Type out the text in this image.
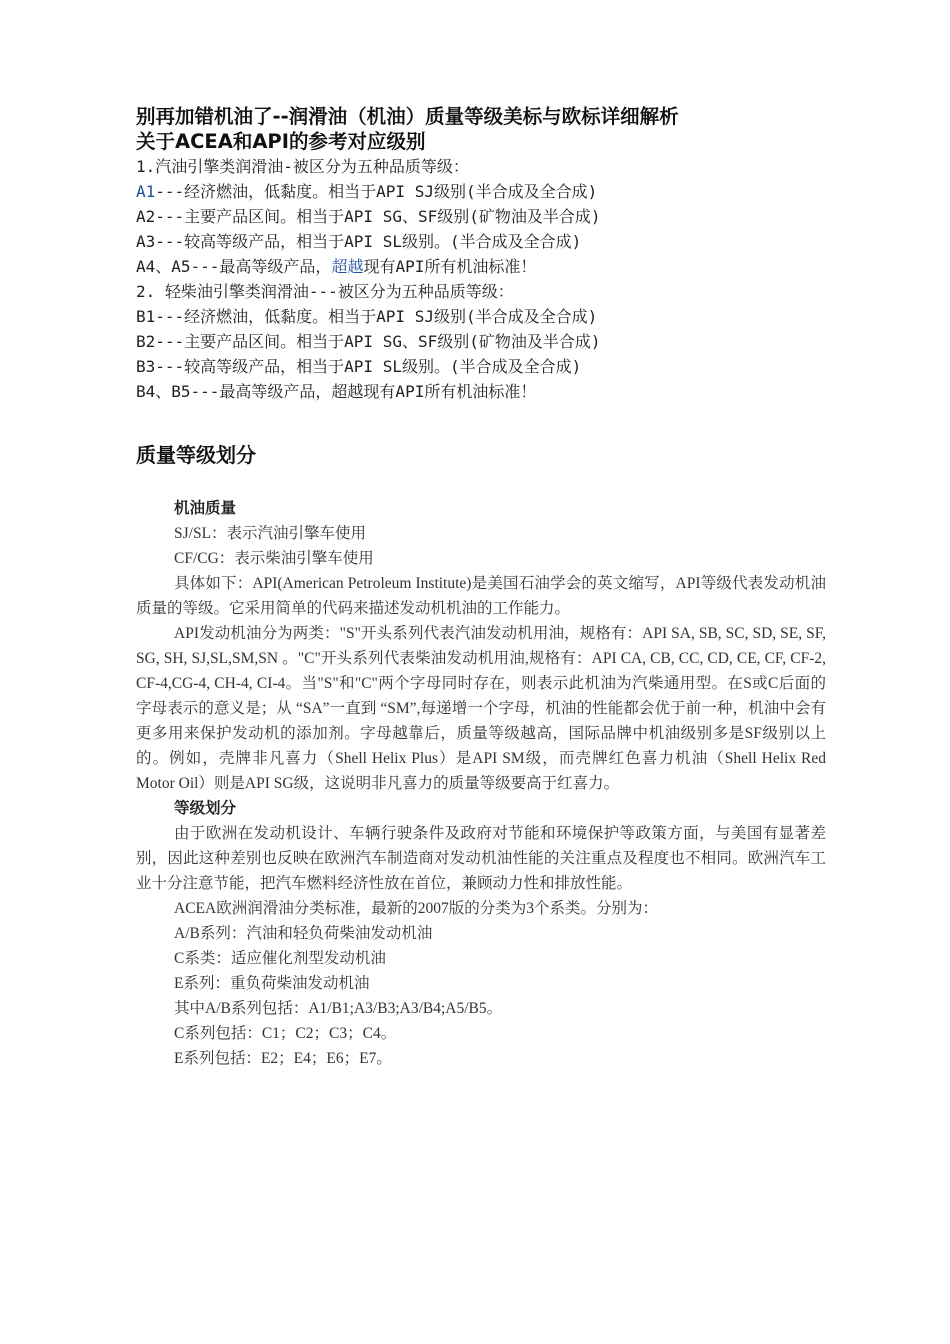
别再加错机油了--润滑油（机油）质量等级美标与欧标详细解析

关于ACEA和API的参考对应级别

1.汽油引擎类润滑油-被区分为五种品质等级：

A1---经济燃油，低黏度。相当于API SJ级别(半合成及全合成)

A2---主要产品区间。相当于API SG、SF级别(矿物油及半合成)

A3---较高等级产品，相当于API SL级别。(半合成及全合成)

A4、A5---最高等级产品，超越现有API所有机油标准！

2. 轻柴油引擎类润滑油---被区分为五种品质等级：

B1---经济燃油，低黏度。相当于API SJ级别(半合成及全合成)

B2---主要产品区间。相当于API SG、SF级别(矿物油及半合成)

B3---较高等级产品，相当于API SL级别。(半合成及全合成)

B4、B5---最高等级产品，超越现有API所有机油标准！

质量等级划分

机油质量

SJ/SL：表示汽油引擎车使用

CF/CG：表示柴油引擎车使用

具体如下：API(American Petroleum Institute)是美国石油学会的英文缩写，API等级代表发动机油质量的等级。它采用简单的代码来描述发动机机油的工作能力。

API发动机油分为两类："S"开头系列代表汽油发动机用油，规格有：API SA, SB, SC, SD, SE, SF, SG, SH, SJ,SL,SM,SN 。"C"开头系列代表柴油发动机用油,规格有：API CA, CB, CC, CD, CE, CF, CF-2, CF-4,CG-4, CH-4, CI-4。当"S"和"C"两个字母同时存在，则表示此机油为汽柴通用型。在S或C后面的字母表示的意义是；从 “SA”一直到 “SM”,每递增一个字母，机油的性能都会优于前一种，机油中会有更多用来保护发动机的添加剂。字母越靠后，质量等级越高，国际品牌中机油级别多是SF级别以上的。例如，壳牌非凡喜力（Shell Helix Plus）是API SM级，而壳牌红色喜力机油（Shell Helix Red Motor Oil）则是API SG级，这说明非凡喜力的质量等级要高于红喜力。

等级划分

由于欧洲在发动机设计、车辆行驶条件及政府对节能和环境保护等政策方面，与美国有显著差别，因此这种差别也反映在欧洲汽车制造商对发动机油性能的关注重点及程度也不相同。欧洲汽车工业十分注意节能，把汽车燃料经济性放在首位，兼顾动力性和排放性能。

ACEA欧洲润滑油分类标准，最新的2007版的分类为3个系类。分别为：

A/B系列：汽油和轻负荷柴油发动机油

C系类：适应催化剂型发动机油

E系列：重负荷柴油发动机油

其中A/B系列包括：A1/B1;A3/B3;A3/B4;A5/B5。

C系列包括：C1；C2；C3；C4。

E系列包括：E2；E4；E6；E7。
